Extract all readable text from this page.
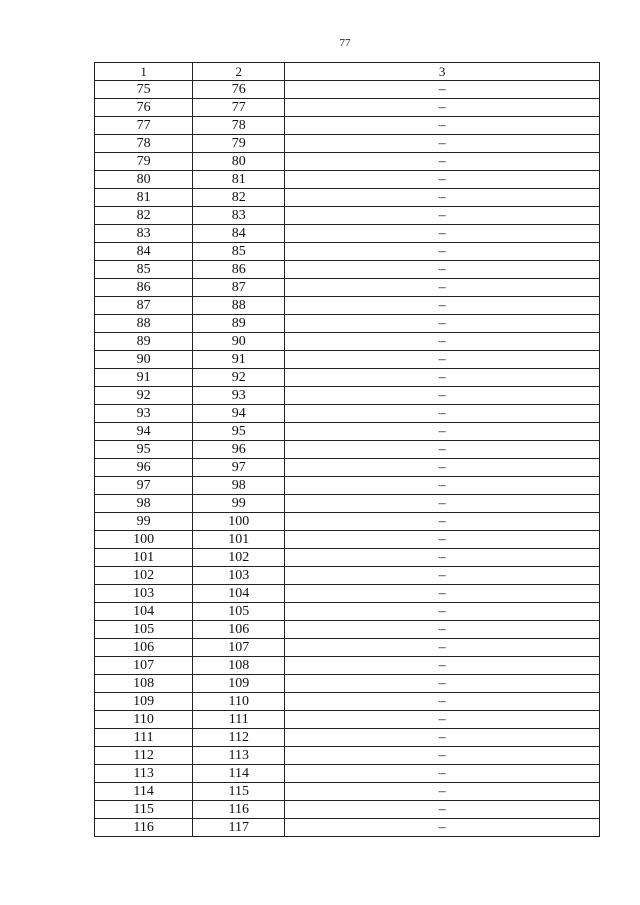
77
1	2	3
75	76	–
76	77	–
77	78	–
78	79	–
79	80	–
80	81	–
81	82	–
82	83	–
83	84	–
84	85	–
85	86	–
86	87	–
87	88	–
88	89	–
89	90	–
90	91	–
91	92	–
92	93	–
93	94	–
94	95	–
95	96	–
96	97	–
97	98	–
98	99	–
99	100	–
100	101	–
101	102	–
102	103	–
103	104	–
104	105	–
105	106	–
106	107	–
107	108	–
108	109	–
109	110	–
110	111	–
111	112	–
112	113	–
113	114	–
114	115	–
115	116	–
116	117	–
